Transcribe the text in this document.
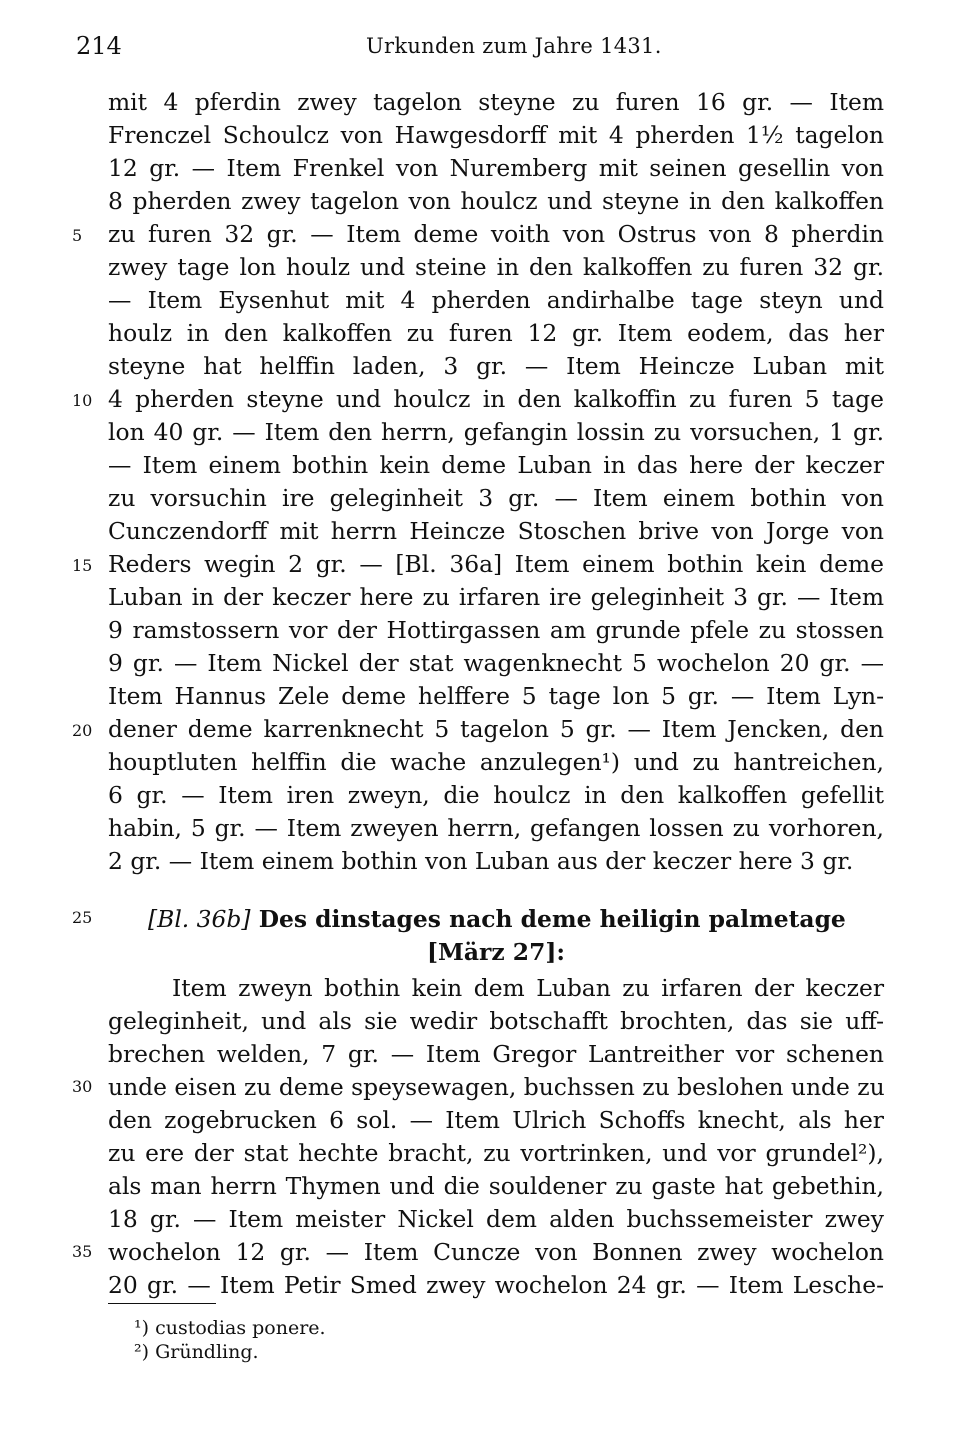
214	Urkunden zum Jahre 1431.
mit 4 pferdin zwey tagelon steyne zu furen 16 gr. — Item
Frenczel Schoulcz von Hawgesdorff mit 4 pherden 1½ tagelon
12 gr. — Item Frenkel von Nuremberg mit seinen gesellin von
8 pherden zwey tagelon von houlcz und steyne in den kalkoffen
zu furen 32 gr. — Item deme voith von Ostrus von 8 pherdin
zwey tage lon houlz und steine in den kalkoffen zu furen 32 gr.
— Item Eysenhut mit 4 pherden andirhalbe tage steyn und
houlz in den kalkoffen zu furen 12 gr. Item eodem, das her
steyne hat helffin laden, 3 gr. — Item Heincze Luban mit
4 pherden steyne und houlcz in den kalkoffin zu furen 5 tage
lon 40 gr. — Item den herrn, gefangin lossin zu vorsuchen, 1 gr.
— Item einem bothin kein deme Luban in das here der keczer
zu vorsuchin ire geleginheit 3 gr. — Item einem bothin von
Cunczendorff mit herrn Heincze Stoschen brive von Jorge von
Reders wegin 2 gr. — [Bl. 36a] Item einem bothin kein deme
Luban in der keczer here zu irfaren ire geleginheit 3 gr. — Item
9 ramstossern vor der Hottirgassen am grunde pfele zu stossen
9 gr. — Item Nickel der stat wagenknecht 5 wochelon 20 gr. —
Item Hannus Zele deme helffere 5 tage lon 5 gr. — Item Lyn-
dener deme karrenknecht 5 tagelon 5 gr. — Item Jencken, den
houptluten helffin die wache anzulegen¹) und zu hantreichen,
6 gr. — Item iren zweyn, die houlcz in den kalkoffen gefellit
habin, 5 gr. — Item zweyen herrn, gefangen lossen zu vorhoren,
2 gr. — Item einem bothin von Luban aus der keczer here 3 gr.
[Bl. 36b] Des dinstages nach deme heiligin palmetage
[März 27]:
Item zweyn bothin kein dem Luban zu irfaren der keczer
geleginheit, und als sie wedir botschafft brochten, das sie uff-
brechen welden, 7 gr. — Item Gregor Lantreither vor schenen
unde eisen zu deme speysewagen, buchssen zu beslohen unde zu
den zogebrucken 6 sol. — Item Ulrich Schoffs knecht, als her
zu ere der stat hechte bracht, zu vortrinken, und vor grundel²),
als man herrn Thymen und die souldener zu gaste hat gebethin,
18 gr. — Item meister Nickel dem alden buchssemeister zwey
wochelon 12 gr. — Item Cuncze von Bonnen zwey wochelon
20 gr. — Item Petir Smed zwey wochelon 24 gr. — Item Lesche-
5
10
15
20
25
30
35
¹) custodias ponere.
²) Gründling.
